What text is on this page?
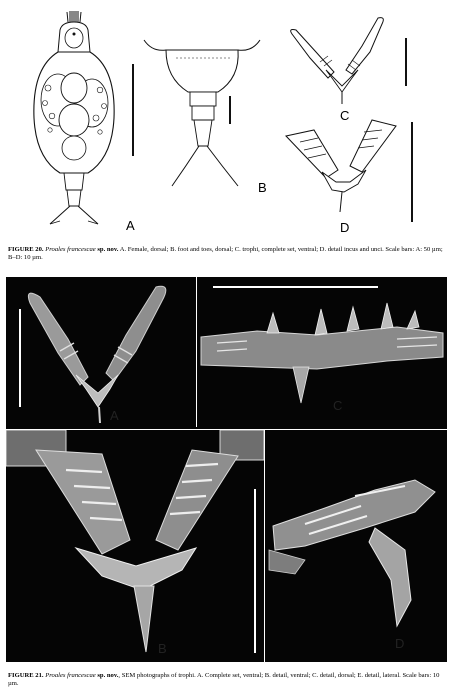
A
B
C
D
FIGURE 20. Proales francescae sp. nov. A. Female, dorsal; B. foot and toes, dorsal; C. trophi, complete set, ventral; D. detail incus and unci. Scale bars: A: 50 µm; B–D: 10 µm.
A
C
B	D
FIGURE 21. Proales francescae sp. nov., SEM photographs of trophi. A. Complete set, ventral; B. detail, ventral; C. detail, dorsal; E. detail, lateral. Scale bars: 10 µm.
